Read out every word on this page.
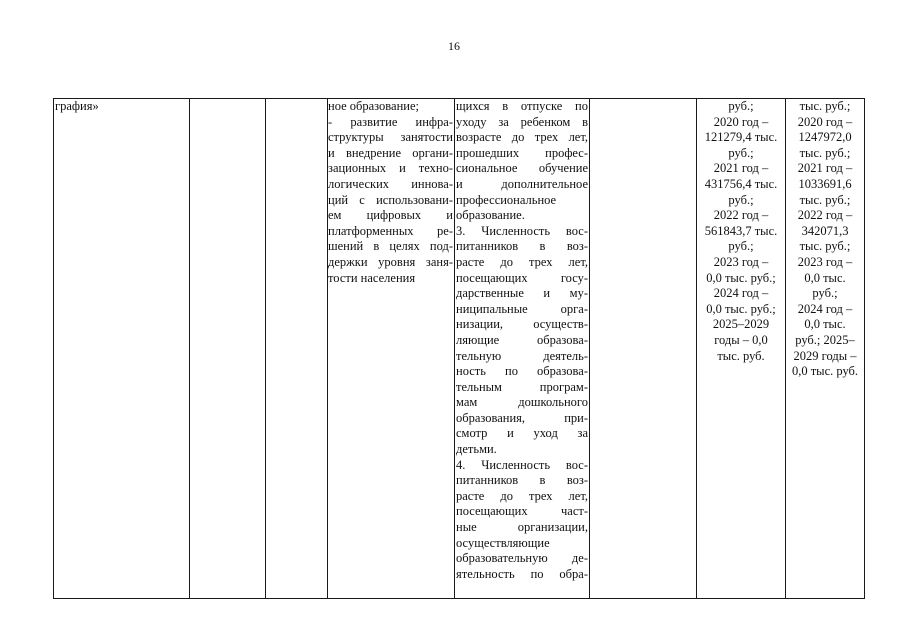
16
графия»	ное образование;
- развитие инфра-
структуры занятости
и внедрение органи-
зационных и техно-
логических иннова-
ций с использовани-
ем цифровых и
платформенных ре-
шений в целях под-
держки уровня заня-
тости населения
щихся в отпуске по
уходу за ребенком в
возрасте до трех лет,
прошедших профес-
сиональное обучение
и дополнительное
профессиональное
образование.
3. Численность вос-
питанников в воз-
расте до трех лет,
посещающих госу-
дарственные и му-
ниципальные орга-
низации, осуществ-
ляющие образова-
тельную деятель-
ность по образова-
тельным програм-
мам дошкольного
образования, при-
смотр и уход за
детьми.
4. Численность вос-
питанников в воз-
расте до трех лет,
посещающих част-
ные организации,
осуществляющие
образовательную де-
ятельность по обра-
руб.;
2020 год –
121279,4 тыс.
руб.;
2021 год –
431756,4 тыс.
руб.;
2022 год –
561843,7 тыс.
руб.;
2023 год –
0,0 тыс. руб.;
2024 год –
0,0 тыс. руб.;
2025–2029
годы – 0,0
тыс. руб.
тыс. руб.;
2020 год –
1247972,0
тыс. руб.;
2021 год –
1033691,6
тыс. руб.;
2022 год –
342071,3
тыс. руб.;
2023 год –
0,0 тыс.
руб.;
2024 год –
0,0 тыс.
руб.; 2025–
2029 годы –
0,0 тыс. руб.
